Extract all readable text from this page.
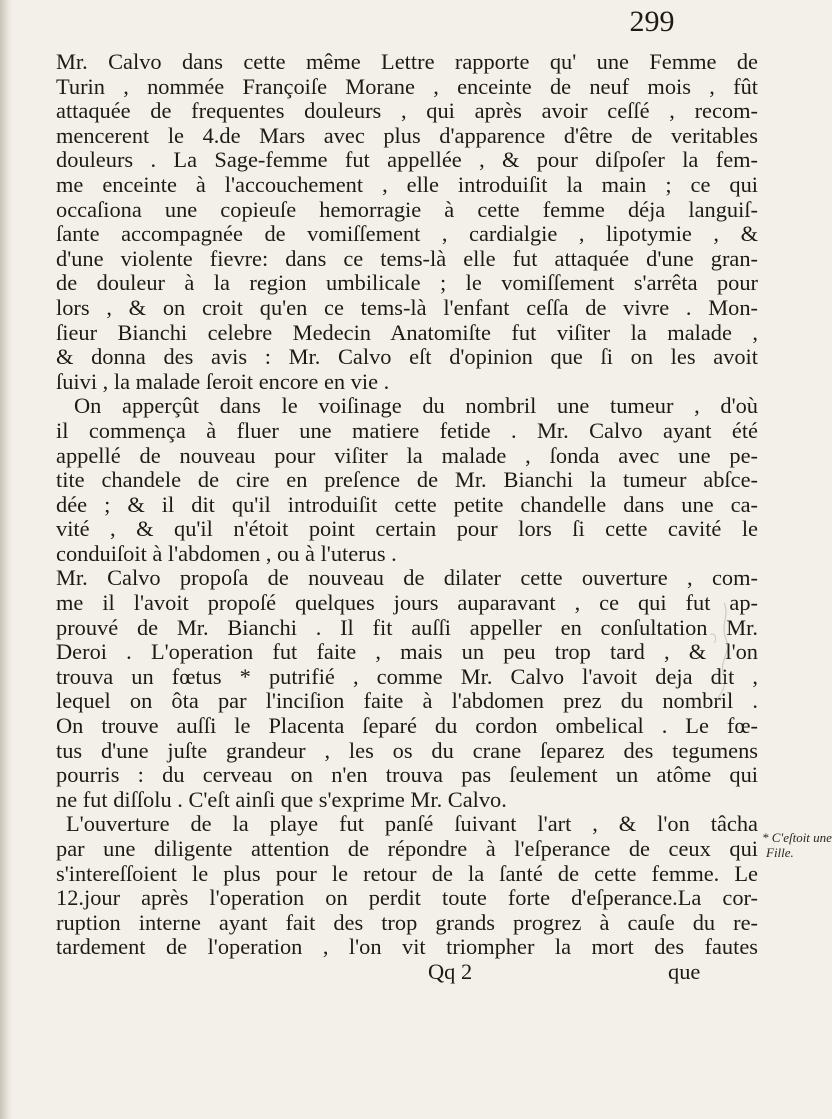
299
Mr. Calvo dans cette même Lettre rapporte qu' une Femme de
Turin , nommée Françoiſe Morane , enceinte de neuf mois , fût
attaquée de frequentes douleurs , qui après avoir ceſſé , recom-
mencerent le 4.de Mars avec plus d'apparence d'être de veritables
douleurs . La Sage-femme fut appellée , & pour diſpoſer la fem-
me enceinte à l'accouchement , elle introduiſit la main ; ce qui
occaſiona une copieuſe hemorragie à cette femme déja languiſ-
ſante accompagnée de vomiſſement , cardialgie , lipotymie , &
d'une violente fievre: dans ce tems-là elle fut attaquée d'une gran-
de douleur à la region umbilicale ; le vomiſſement s'arrêta pour
lors , & on croit qu'en ce tems-là l'enfant ceſſa de vivre . Mon-
ſieur Bianchi celebre Medecin Anatomiſte fut viſiter la malade ,
& donna des avis : Mr. Calvo eſt d'opinion que ſi on les avoit
ſuivi , la malade ſeroit encore en vie .
On apperçût dans le voiſinage du nombril une tumeur , d'où
il commença à fluer une matiere fetide . Mr. Calvo ayant été
appellé de nouveau pour viſiter la malade , ſonda avec une pe-
tite chandele de cire en preſence de Mr. Bianchi la tumeur abſce-
dée ; & il dit qu'il introduiſit cette petite chandelle dans une ca-
vité , & qu'il n'étoit point certain pour lors ſi cette cavité le
conduiſoit à l'abdomen , ou à l'uterus .
Mr. Calvo propoſa de nouveau de dilater cette ouverture , com-
me il l'avoit propoſé quelques jours auparavant , ce qui fut ap-
prouvé de Mr. Bianchi . Il fit auſſi appeller en conſultation Mr.
Deroi . L'operation fut faite , mais un peu trop tard , & l'on
trouva un fœtus * putrifié , comme Mr. Calvo l'avoit deja dit ,
lequel on ôta par l'inciſion faite à l'abdomen prez du nombril .
On trouve auſſi le Placenta ſeparé du cordon ombelical . Le fœ-
tus d'une juſte grandeur , les os du crane ſeparez des tegumens
pourris : du cerveau on n'en trouva pas ſeulement un atôme qui
ne fut diſſolu . C'eſt ainſi que s'exprime Mr. Calvo.
L'ouverture de la playe fut panſé ſuivant l'art , & l'on tâcha
par une diligente attention de répondre à l'eſperance de ceux qui
s'intereſſoient le plus pour le retour de la ſanté de cette femme. Le
12.jour après l'operation on perdit toute forte d'eſperance.La cor-
ruption interne ayant fait des trop grands progrez à cauſe du re-
tardement de l'operation , l'on vit triompher la mort des fautes
Qq 2	que
* C'eſtoit une
Fille.
